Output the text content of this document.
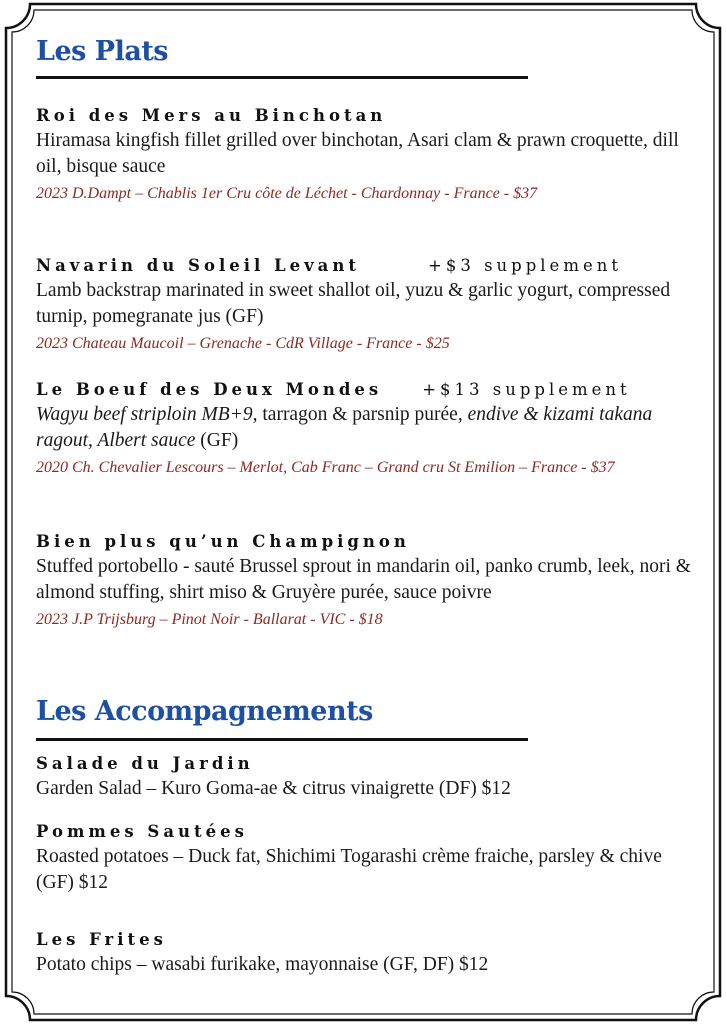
Les Plats
Roi des Mers au Binchotan
Hiramasa kingfish fillet grilled over binchotan, Asari clam & prawn croquette, dill oil, bisque sauce
2023 D.Dampt – Chablis 1er Cru côte de Léchet - Chardonnay - France - $37
Navarin du Soleil Levant	+$3 supplement
Lamb backstrap marinated in sweet shallot oil, yuzu & garlic yogurt, compressed turnip, pomegranate jus (GF)
2023 Chateau Maucoil – Grenache - CdR Village - France - $25
Le Boeuf des Deux Mondes +$13 supplement
Wagyu beef striploin MB+9, tarragon & parsnip purée, endive & kizami takana ragout, Albert sauce (GF)
2020 Ch. Chevalier Lescours – Merlot, Cab Franc – Grand cru St Emilion – France - $37
Bien plus qu’un Champignon
Stuffed portobello - sauté Brussel sprout in mandarin oil, panko crumb, leek, nori & almond stuffing, shirt miso & Gruyère purée, sauce poivre
2023 J.P Trijsburg – Pinot Noir - Ballarat - VIC - $18
Les Accompagnements
Salade du Jardin
Garden Salad – Kuro Goma-ae & citrus vinaigrette (DF) $12
Pommes Sautées
Roasted potatoes – Duck fat, Shichimi Togarashi crème fraiche, parsley & chive (GF) $12
Les Frites
Potato chips – wasabi furikake, mayonnaise (GF, DF) $12
